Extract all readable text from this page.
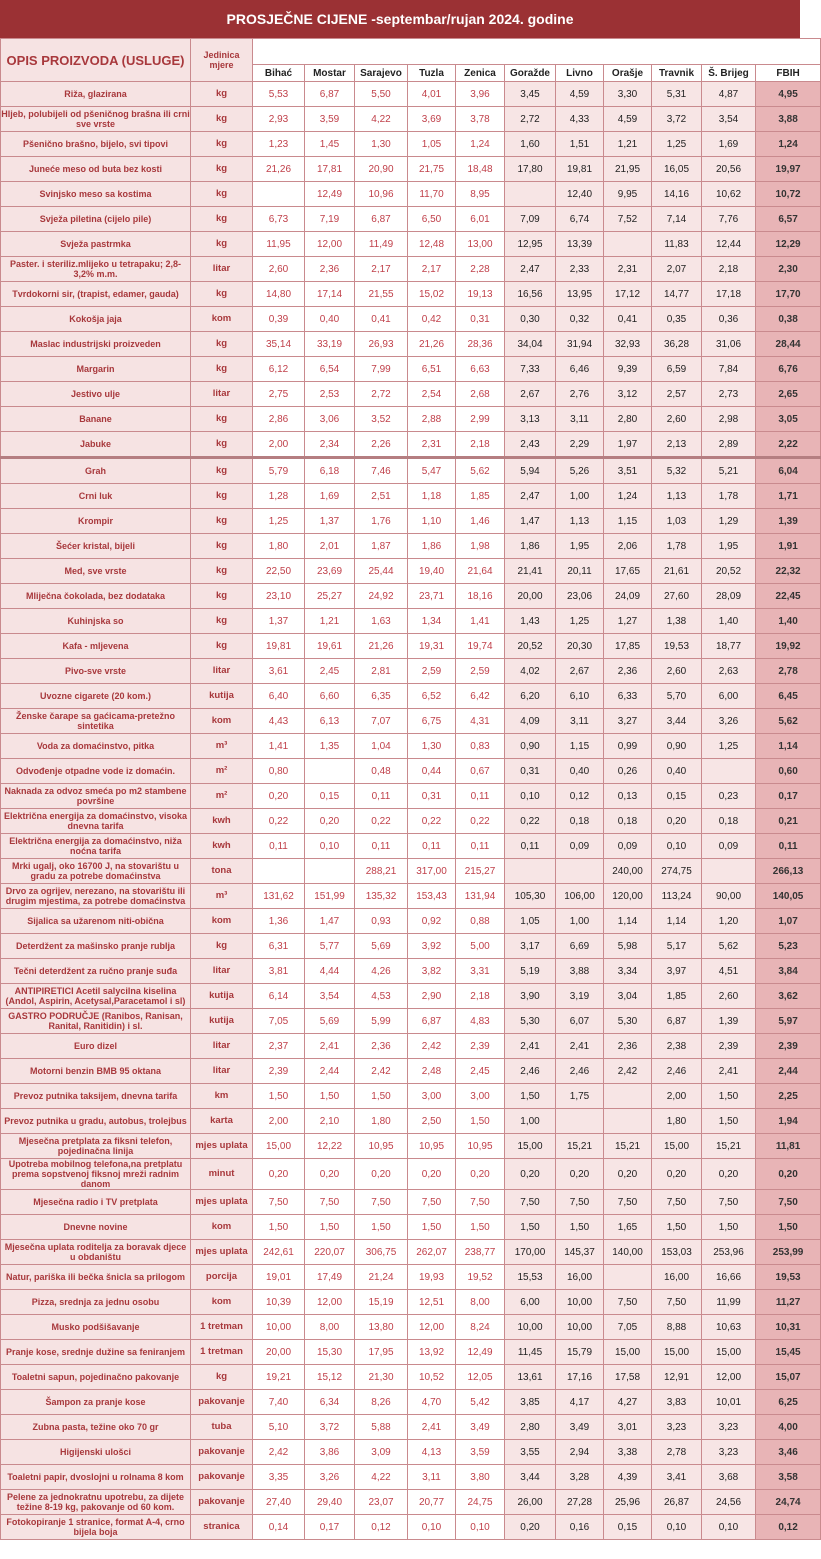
PROSJEČNE CIJENE -septembar/rujan 2024. godine
OPIS PROIZVODA (USLUGE)	Jedinica mjere											
		Bihać	Mostar	Sarajevo	Tuzla	Zenica	Goražde	Livno	Orašje	Travnik	Š. Brijeg	FBIH
Riža, glazirana	kg	5,53	6,87	5,50	4,01	3,96	3,45	4,59	3,30	5,31	4,87	4,95
Hljeb, polubijeli od pšeničnog brašna ili crni sve vrste	kg	2,93	3,59	4,22	3,69	3,78	2,72	4,33	4,59	3,72	3,54	3,88
Pšenično brašno, bijelo, svi tipovi	kg	1,23	1,45	1,30	1,05	1,24	1,60	1,51	1,21	1,25	1,69	1,24
Juneće meso od buta bez kosti	kg	21,26	17,81	20,90	21,75	18,48	17,80	19,81	21,95	16,05	20,56	19,97
Svinjsko meso sa kostima	kg		12,49	10,96	11,70	8,95		12,40	9,95	14,16	10,62	10,72
Svježa piletina (cijelo pile)	kg	6,73	7,19	6,87	6,50	6,01	7,09	6,74	7,52	7,14	7,76	6,57
Svježa pastrmka	kg	11,95	12,00	11,49	12,48	13,00	12,95	13,39		11,83	12,44	12,29
Paster. i steriliz.mlijeko u tetrapaku; 2,8-3,2% m.m.	litar	2,60	2,36	2,17	2,17	2,28	2,47	2,33	2,31	2,07	2,18	2,30
Tvrdokorni sir, (trapist, edamer, gauda)	kg	14,80	17,14	21,55	15,02	19,13	16,56	13,95	17,12	14,77	17,18	17,70
Kokošja jaja	kom	0,39	0,40	0,41	0,42	0,31	0,30	0,32	0,41	0,35	0,36	0,38
Maslac industrijski proizveden	kg	35,14	33,19	26,93	21,26	28,36	34,04	31,94	32,93	36,28	31,06	28,44
Margarin	kg	6,12	6,54	7,99	6,51	6,63	7,33	6,46	9,39	6,59	7,84	6,76
Jestivo ulje	litar	2,75	2,53	2,72	2,54	2,68	2,67	2,76	3,12	2,57	2,73	2,65
Banane	kg	2,86	3,06	3,52	2,88	2,99	3,13	3,11	2,80	2,60	2,98	3,05
Jabuke	kg	2,00	2,34	2,26	2,31	2,18	2,43	2,29	1,97	2,13	2,89	2,22
Grah	kg	5,79	6,18	7,46	5,47	5,62	5,94	5,26	3,51	5,32	5,21	6,04
Crni luk	kg	1,28	1,69	2,51	1,18	1,85	2,47	1,00	1,24	1,13	1,78	1,71
Krompir	kg	1,25	1,37	1,76	1,10	1,46	1,47	1,13	1,15	1,03	1,29	1,39
Šećer kristal, bijeli	kg	1,80	2,01	1,87	1,86	1,98	1,86	1,95	2,06	1,78	1,95	1,91
Med, sve vrste	kg	22,50	23,69	25,44	19,40	21,64	21,41	20,11	17,65	21,61	20,52	22,32
Mliječna čokolada, bez dodataka	kg	23,10	25,27	24,92	23,71	18,16	20,00	23,06	24,09	27,60	28,09	22,45
Kuhinjska so	kg	1,37	1,21	1,63	1,34	1,41	1,43	1,25	1,27	1,38	1,40	1,40
Kafa - mljevena	kg	19,81	19,61	21,26	19,31	19,74	20,52	20,30	17,85	19,53	18,77	19,92
Pivo-sve vrste	litar	3,61	2,45	2,81	2,59	2,59	4,02	2,67	2,36	2,60	2,63	2,78
Uvozne cigarete (20 kom.)	kutija	6,40	6,60	6,35	6,52	6,42	6,20	6,10	6,33	5,70	6,00	6,45
Ženske čarape sa gaćicama-pretežno sintetika	kom	4,43	6,13	7,07	6,75	4,31	4,09	3,11	3,27	3,44	3,26	5,62
Voda za domaćinstvo, pitka	m³	1,41	1,35	1,04	1,30	0,83	0,90	1,15	0,99	0,90	1,25	1,14
Odvođenje otpadne vode iz domaćin.	m²	0,80		0,48	0,44	0,67	0,31	0,40	0,26	0,40		0,60
Naknada za odvoz smeća po m2 stambene površine	m²	0,20	0,15	0,11	0,31	0,11	0,10	0,12	0,13	0,15	0,23	0,17
Električna energija za domaćinstvo, visoka dnevna tarifa	kwh	0,22	0,20	0,22	0,22	0,22	0,22	0,18	0,18	0,20	0,18	0,21
Električna energija za domaćinstvo, niža noćna tarifa	kwh	0,11	0,10	0,11	0,11	0,11	0,11	0,09	0,09	0,10	0,09	0,11
Mrki ugalj, oko 16700 J, na stovarištu u gradu za potrebe domaćinstva	tona			288,21	317,00	215,27			240,00	274,75		266,13
Drvo za ogrijev, nerezano, na stovarištu ili drugim mjestima, za potrebe domaćinstva	m³	131,62	151,99	135,32	153,43	131,94	105,30	106,00	120,00	113,24	90,00	140,05
Sijalica sa užarenom niti-obična	kom	1,36	1,47	0,93	0,92	0,88	1,05	1,00	1,14	1,14	1,20	1,07
Deterdžent za mašinsko pranje rublja	kg	6,31	5,77	5,69	3,92	5,00	3,17	6,69	5,98	5,17	5,62	5,23
Tečni deterdžent za ručno pranje suđa	litar	3,81	4,44	4,26	3,82	3,31	5,19	3,88	3,34	3,97	4,51	3,84
ANTIPIRETICI Acetil salycilna kiselina (Andol, Aspirin, Acetysal,Paracetamol i sl)	kutija	6,14	3,54	4,53	2,90	2,18	3,90	3,19	3,04	1,85	2,60	3,62
GASTRO PODRUČJE (Ranibos, Ranisan, Ranital, Ranitidin) i sl.	kutija	7,05	5,69	5,99	6,87	4,83	5,30	6,07	5,30	6,87	1,39	5,97
Euro dizel	litar	2,37	2,41	2,36	2,42	2,39	2,41	2,41	2,36	2,38	2,39	2,39
Motorni benzin BMB 95 oktana	litar	2,39	2,44	2,42	2,48	2,45	2,46	2,46	2,42	2,46	2,41	2,44
Prevoz putnika taksijem, dnevna tarifa	km	1,50	1,50	1,50	3,00	3,00	1,50	1,75		2,00	1,50	2,25
Prevoz putnika u gradu, autobus, trolejbus	karta	2,00	2,10	1,80	2,50	1,50	1,00			1,80	1,50	1,94
Mjesečna pretplata za fiksni telefon, pojedinačna linija	mjes uplata	15,00	12,22	10,95	10,95	10,95	15,00	15,21	15,21	15,00	15,21	11,81
Upotreba mobilnog telefona,na pretplatu prema sopstvenoj fiksnoj mreži radnim danom	minut	0,20	0,20	0,20	0,20	0,20	0,20	0,20	0,20	0,20	0,20	0,20
Mjesečna radio i TV pretplata	mjes uplata	7,50	7,50	7,50	7,50	7,50	7,50	7,50	7,50	7,50	7,50	7,50
Dnevne novine	kom	1,50	1,50	1,50	1,50	1,50	1,50	1,50	1,65	1,50	1,50	1,50
Mjesečna uplata roditelja za boravak djece u obdaništu	mjes uplata	242,61	220,07	306,75	262,07	238,77	170,00	145,37	140,00	153,03	253,96	253,99
Natur, pariška ili bečka šnicla sa prilogom	porcija	19,01	17,49	21,24	19,93	19,52	15,53	16,00		16,00	16,66	19,53
Pizza, srednja za jednu osobu	kom	10,39	12,00	15,19	12,51	8,00	6,00	10,00	7,50	7,50	11,99	11,27
Musko podšišavanje	1 tretman	10,00	8,00	13,80	12,00	8,24	10,00	10,00	7,05	8,88	10,63	10,31
Pranje kose, srednje dužine sa feniranjem	1 tretman	20,00	15,30	17,95	13,92	12,49	11,45	15,79	15,00	15,00	15,00	15,45
Toaletni sapun, pojedinačno pakovanje	kg	19,21	15,12	21,30	10,52	12,05	13,61	17,16	17,58	12,91	12,00	15,07
Šampon za pranje kose	pakovanje	7,40	6,34	8,26	4,70	5,42	3,85	4,17	4,27	3,83	10,01	6,25
Zubna pasta, težine oko 70 gr	tuba	5,10	3,72	5,88	2,41	3,49	2,80	3,49	3,01	3,23	3,23	4,00
Higijenski ulošci	pakovanje	2,42	3,86	3,09	4,13	3,59	3,55	2,94	3,38	2,78	3,23	3,46
Toaletni papir, dvoslojni u rolnama 8 kom	pakovanje	3,35	3,26	4,22	3,11	3,80	3,44	3,28	4,39	3,41	3,68	3,58
Pelene za jednokratnu upotrebu, za dijete težine 8-19 kg, pakovanje od 60 kom.	pakovanje	27,40	29,40	23,07	20,77	24,75	26,00	27,28	25,96	26,87	24,56	24,74
Fotokopiranje 1 stranice, format A-4, crno bijela boja	stranica	0,14	0,17	0,12	0,10	0,10	0,20	0,16	0,15	0,10	0,10	0,12
